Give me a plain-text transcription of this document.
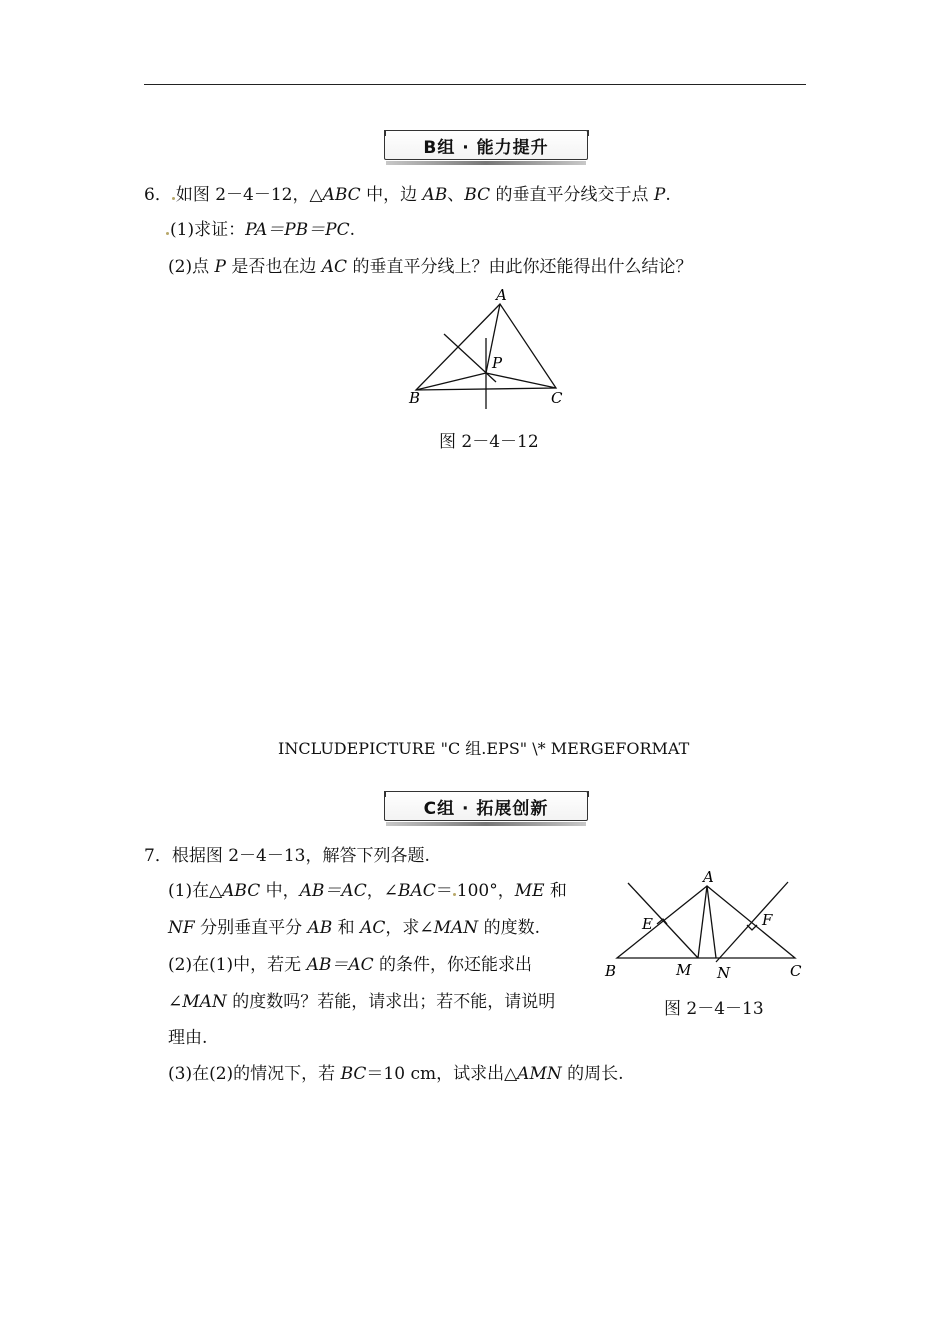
B组 · 能力提升
6． 如图 2－4－12，△ABC 中，边 AB、BC 的垂直平分线交于点 P.
(1)求证：PA＝PB＝PC.
(2)点 P 是否也在边 AC 的垂直平分线上？由此你还能得出什么结论？
A
P
B	C
图 2－4－12
INCLUDEPICTURE "C 组.EPS" \* MERGEFORMAT
C组 · 拓展创新
7．根据图 2－4－13，解答下列各题.
(1)在△ABC 中，AB＝AC，∠BAC＝ 100°，ME 和
NF 分别垂直平分 AB 和 AC，求∠MAN 的度数.
(2)在(1)中，若无 AB＝AC 的条件，你还能求出
∠MAN 的度数吗？若能，请求出；若不能，请说明
理由.
(3)在(2)的情况下，若 BC＝10 cm，试求出△AMN 的周长.
A
E	F
B	M N	C
图 2－4－13
